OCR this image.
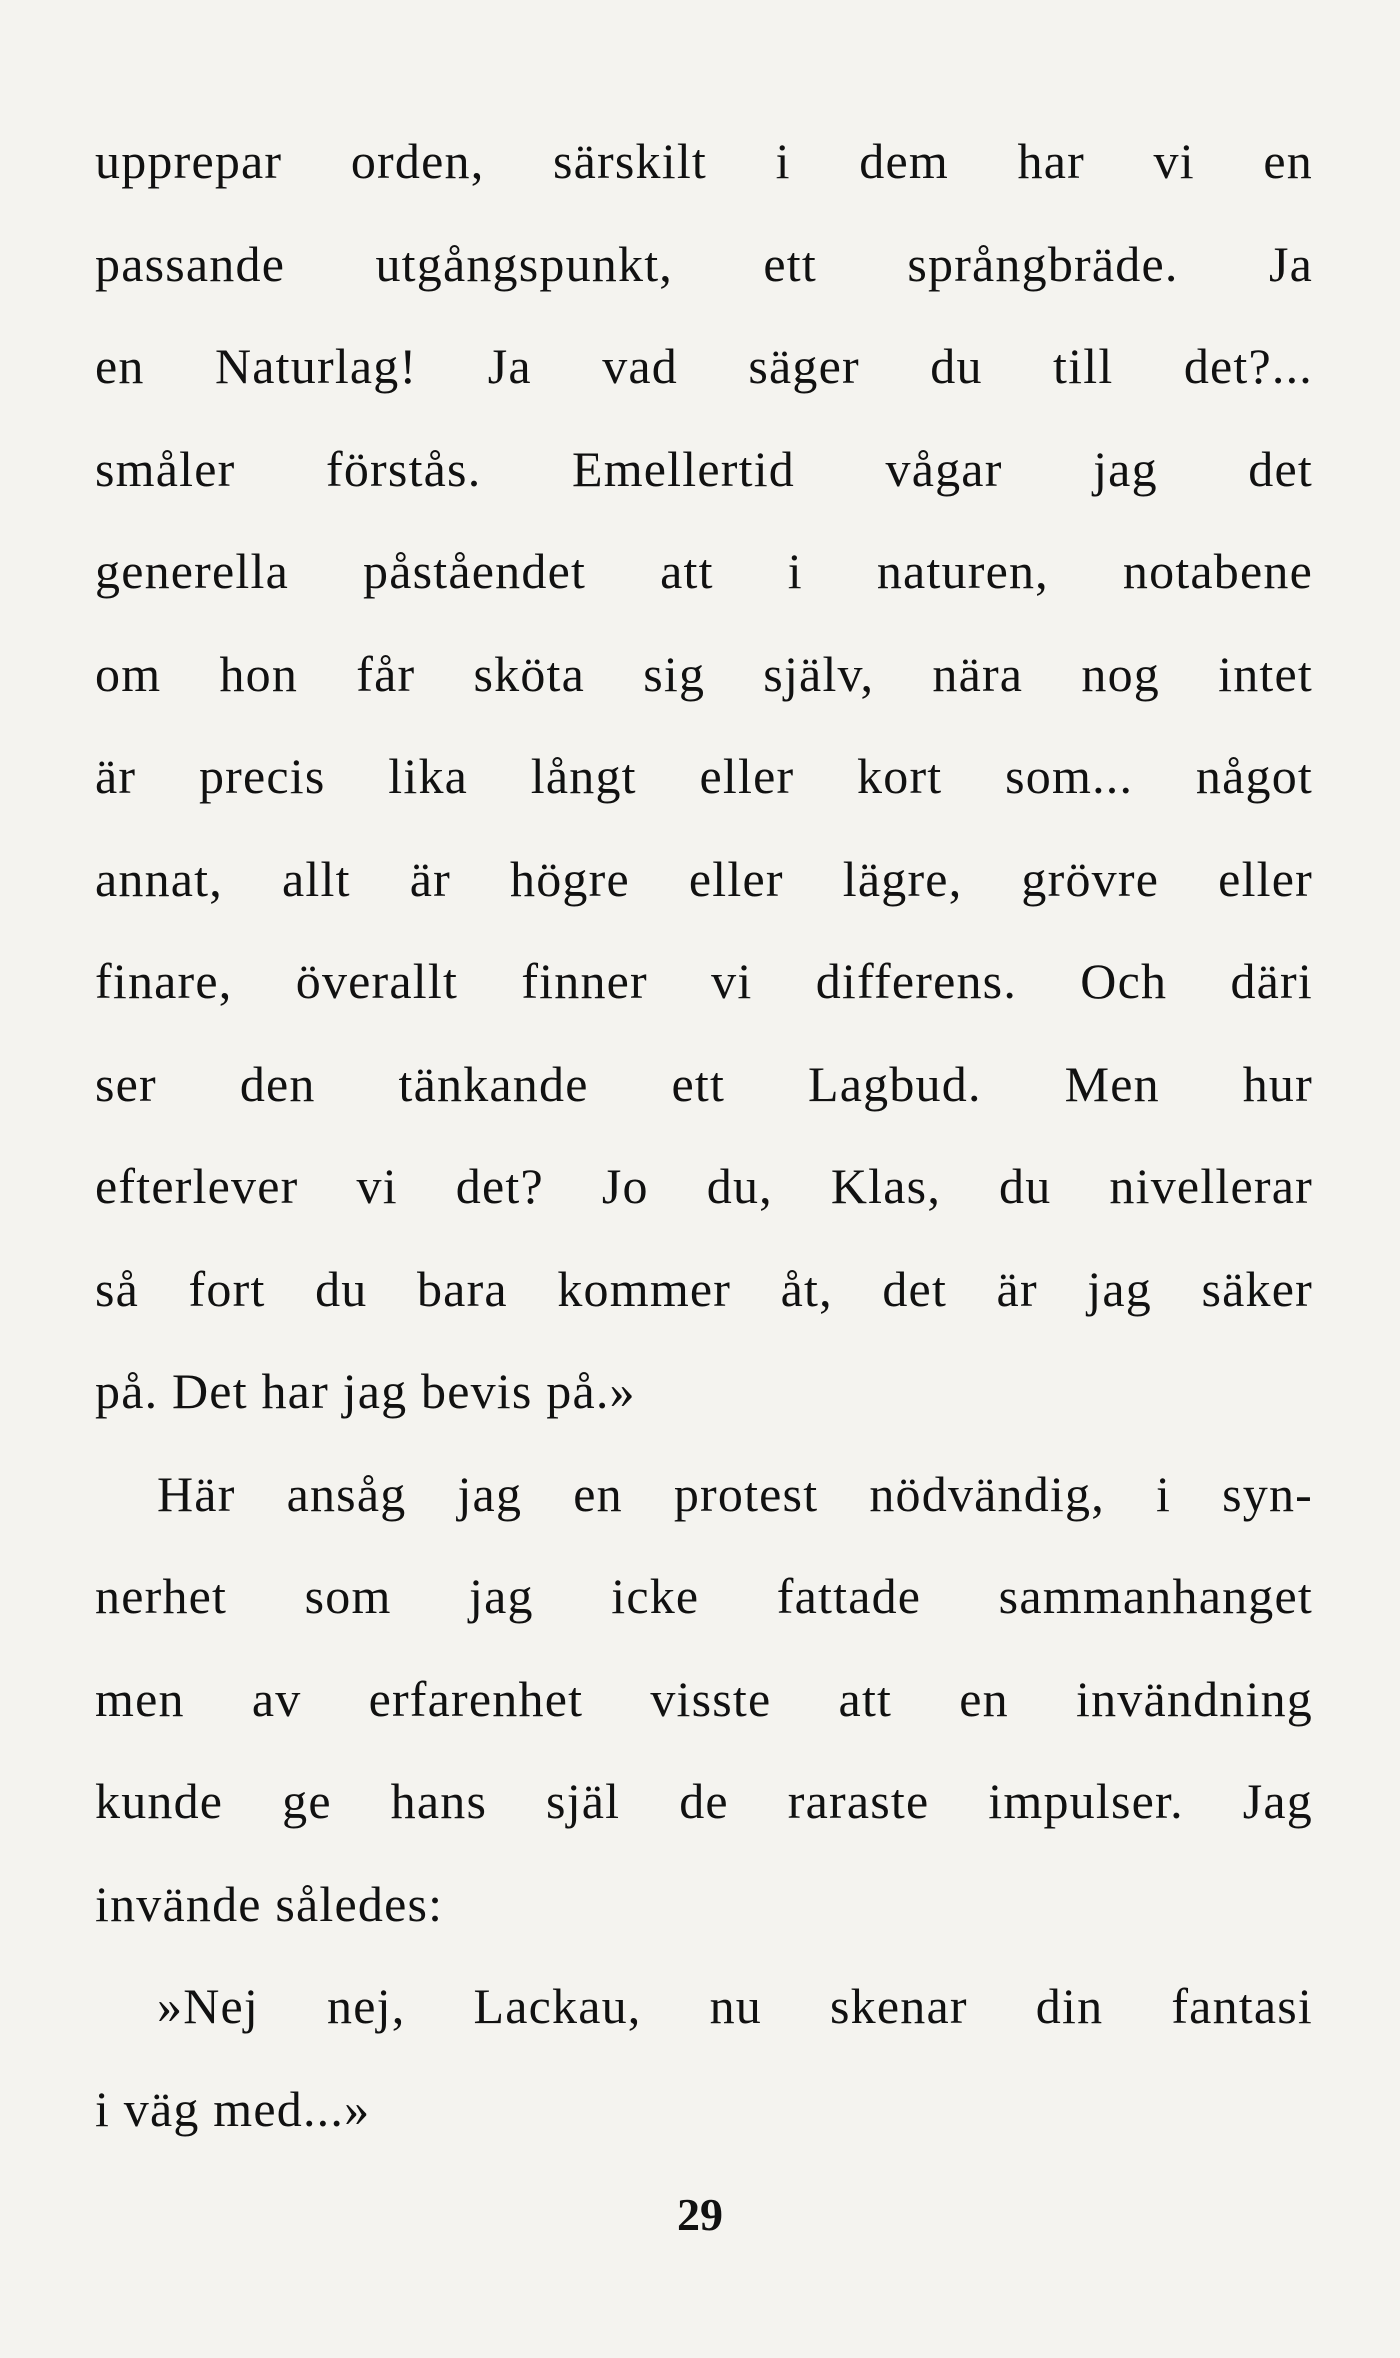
upprepar orden, särskilt i dem har vi en
passande utgångspunkt, ett språngbräde. Ja
en Naturlag! Ja vad säger du till det?...
småler förstås. Emellertid vågar jag det
generella påståendet att i naturen, notabene
om hon får sköta sig själv, nära nog intet
är precis lika långt eller kort som... något
annat, allt är högre eller lägre, grövre eller
finare, överallt finner vi differens. Och däri
ser den tänkande ett Lagbud. Men hur
efterlever vi det? Jo du, Klas, du nivellerar
så fort du bara kommer åt, det är jag säker
på. Det har jag bevis på.»
Här ansåg jag en protest nödvändig, i syn-
nerhet som jag icke fattade sammanhanget
men av erfarenhet visste att en invändning
kunde ge hans själ de raraste impulser. Jag
invände således:
»Nej nej, Lackau, nu skenar din fantasi
i väg med...»
29
